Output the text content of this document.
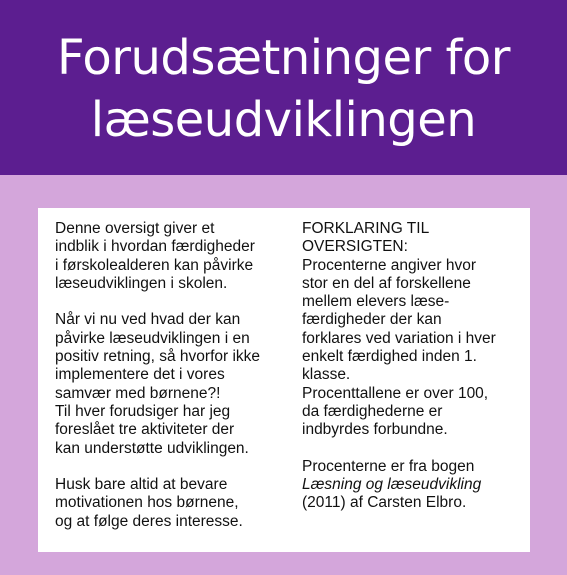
Forudsætninger for
læseudviklingen
Denne oversigt giver et
indblik i hvordan færdigheder
i førskolealderen kan påvirke
læseudviklingen i skolen.
Når vi nu ved hvad der kan
påvirke læseudviklingen i en
positiv retning, så hvorfor ikke
implementere det i vores
samvær med børnene?!
Til hver forudsiger har jeg
foreslået tre aktiviteter der
kan understøtte udviklingen.
Husk bare altid at bevare
motivationen hos børnene,
og at følge deres interesse.
FORKLARING TIL
OVERSIGTEN:
Procenterne angiver hvor
stor en del af forskellene
mellem elevers læse-
færdigheder der kan
forklares ved variation i hver
enkelt færdighed inden 1.
klasse.
Procenttallene er over 100,
da færdighederne er
indbyrdes forbundne.
Procenterne er fra bogen
Læsning og læseudvikling
(2011) af Carsten Elbro.
